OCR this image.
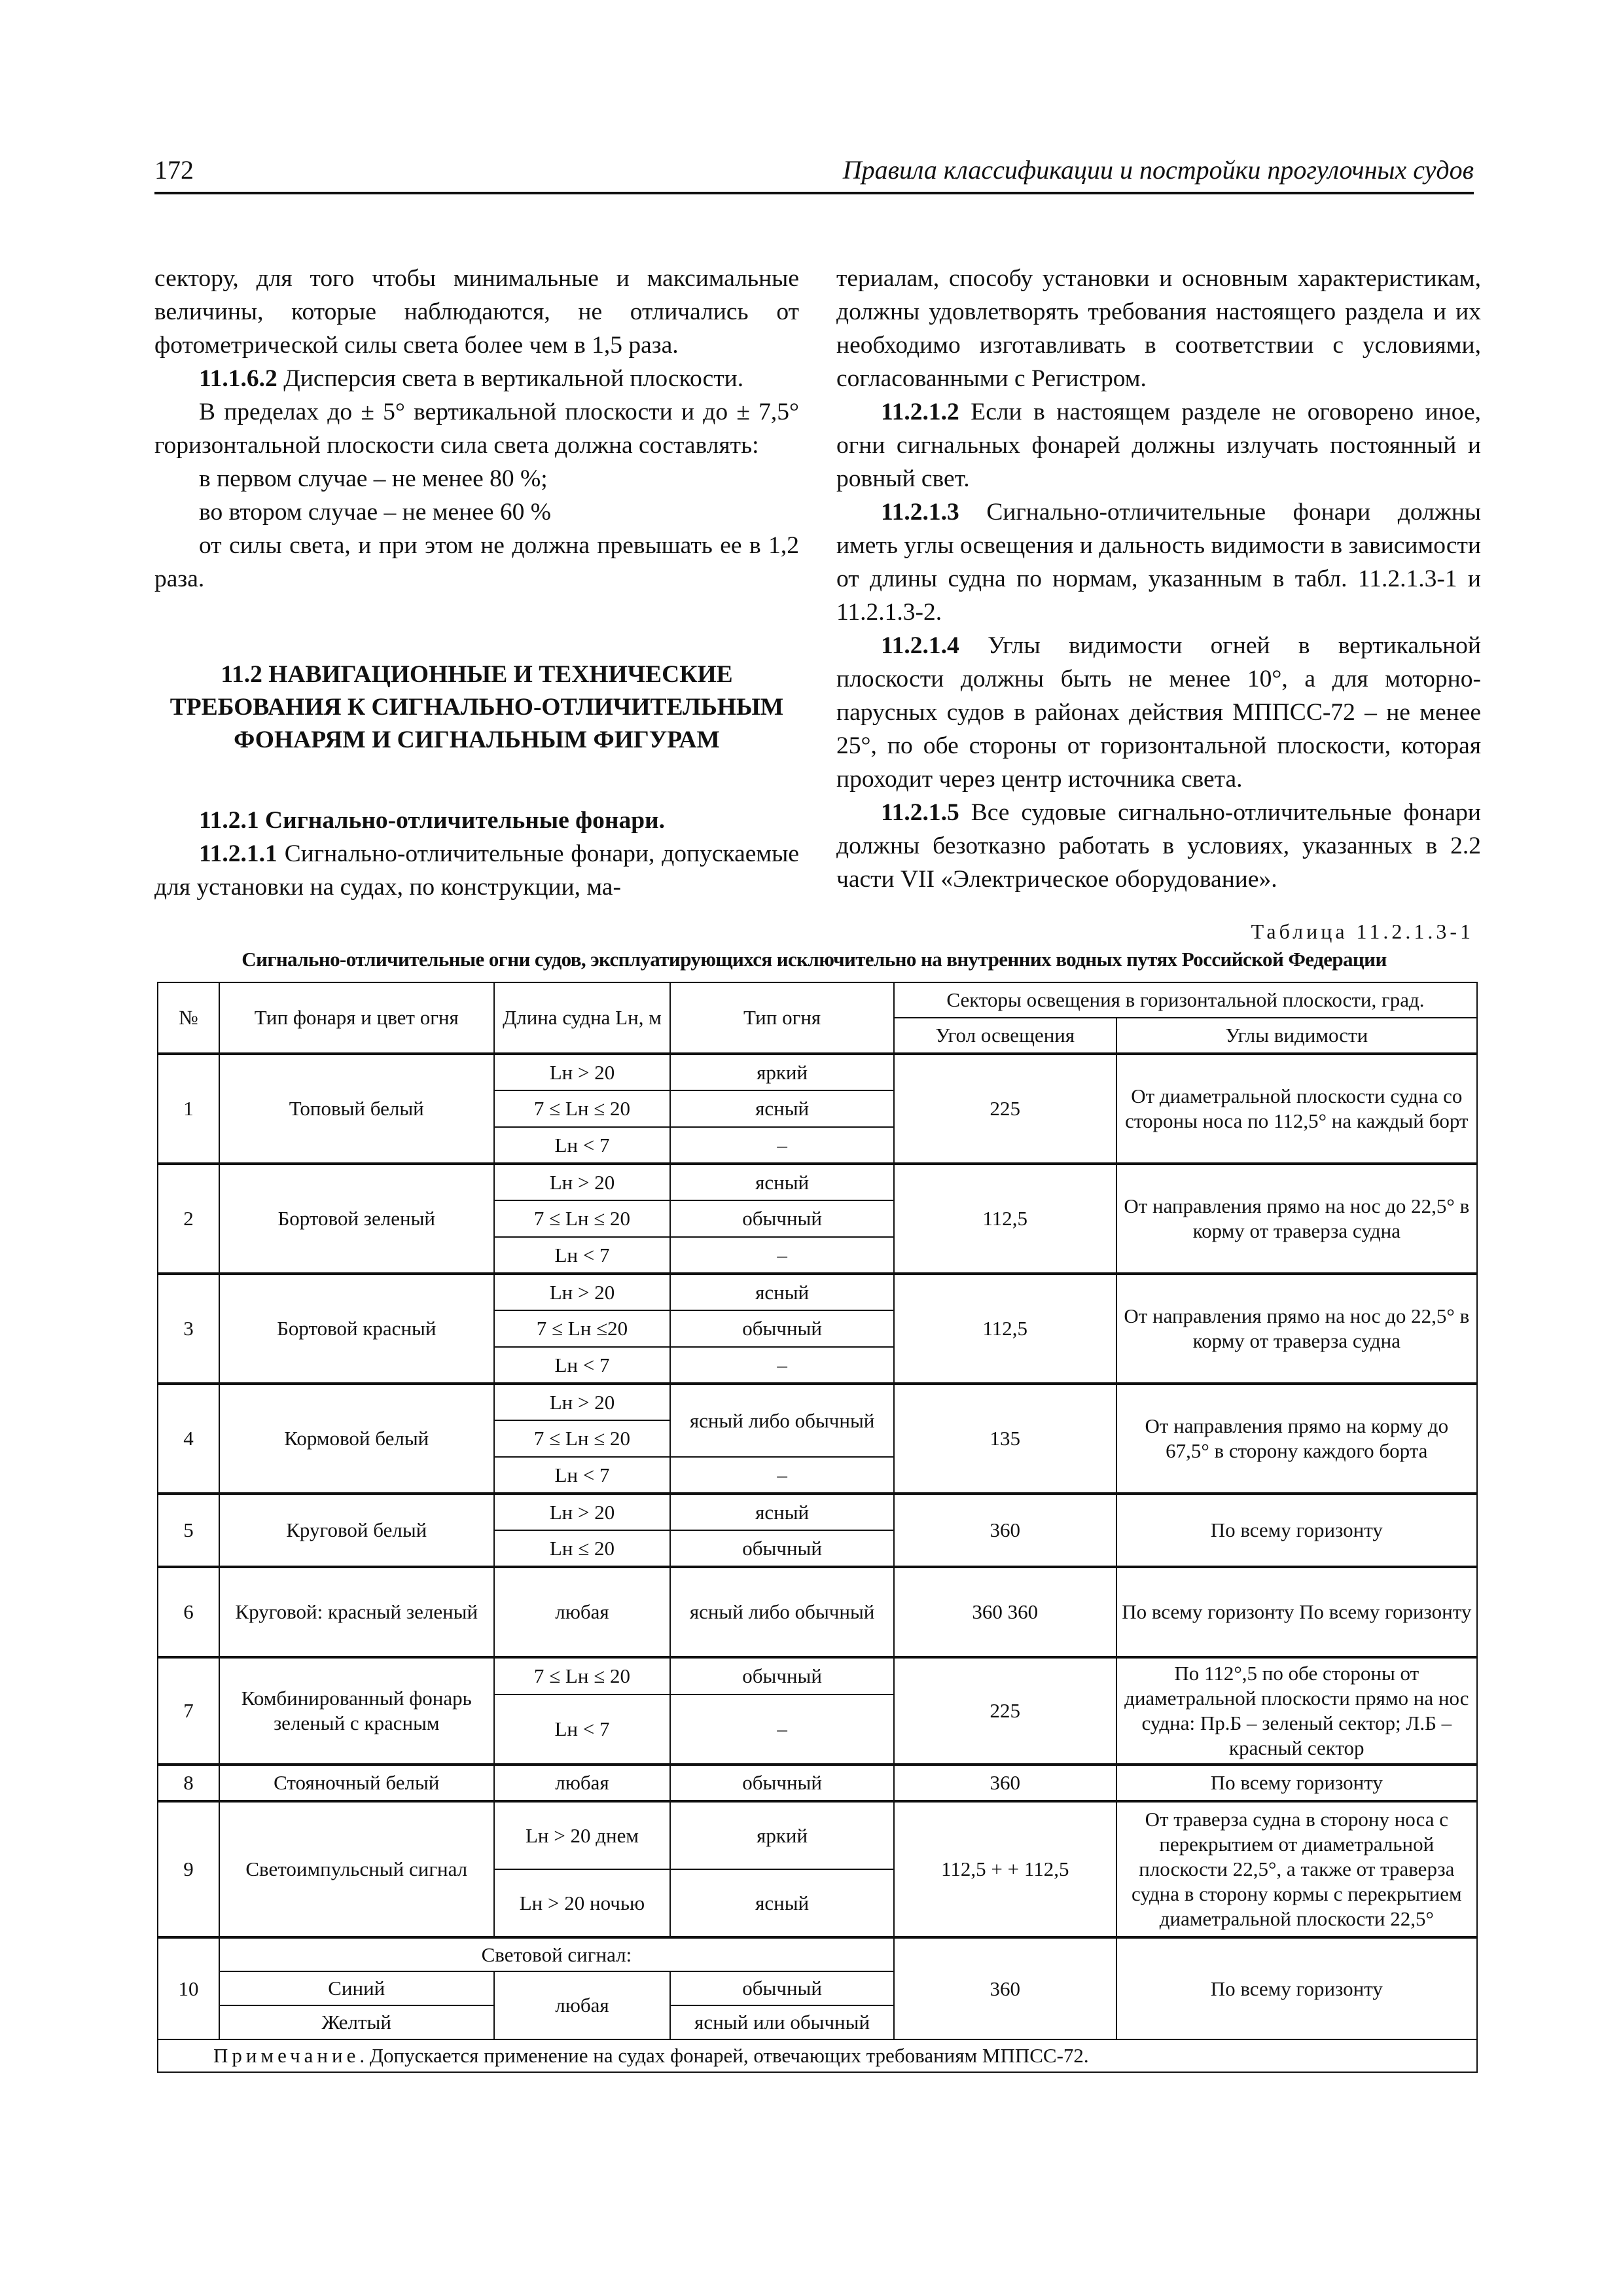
172	Правила классификации и постройки прогулочных судов

сектору, для того чтобы минимальные и максимальные величины, которые наблюдаются, не отличались от фотометрической силы света более чем в 1,5 раза.

11.1.6.2 Дисперсия света в вертикальной плоскости.

В пределах до ± 5° вертикальной плоскости и до ± 7,5° горизонтальной плоскости сила света должна составлять:

в первом случае – не менее 80 %;

во втором случае – не менее 60 %

от силы света, и при этом не должна превышать ее в 1,2 раза.

11.2 НАВИГАЦИОННЫЕ И ТЕХНИЧЕСКИЕ ТРЕБОВАНИЯ К СИГНАЛЬНО-ОТЛИЧИТЕЛЬНЫМ ФОНАРЯМ И СИГНАЛЬНЫМ ФИГУРАМ

11.2.1 Сигнально-отличительные фонари.

11.2.1.1 Сигнально-отличительные фонари, допускаемые для установки на судах, по конструкции, ма-

териалам, способу установки и основным характеристикам, должны удовлетворять требования настоящего раздела и их необходимо изготавливать в соответствии с условиями, согласованными с Регистром.

11.2.1.2 Если в настоящем разделе не оговорено иное, огни сигнальных фонарей должны излучать постоянный и ровный свет.

11.2.1.3 Сигнально-отличительные фонари должны иметь углы освещения и дальность видимости в зависимости от длины судна по нормам, указанным в табл. 11.2.1.3-1 и 11.2.1.3-2.

11.2.1.4 Углы видимости огней в вертикальной плоскости должны быть не менее 10°, а для моторно-парусных судов в районах действия МППСС-72 – не менее 25°, по обе стороны от горизонтальной плоскости, которая проходит через центр источника света.

11.2.1.5 Все судовые сигнально-отличительные фонари должны безотказно работать в условиях, указанных в 2.2 части VII «Электрическое оборудование».

Таблица 11.2.1.3-1
Сигнально-отличительные огни судов, эксплуатирующихся исключительно на внутренних водных путях Российской Федерации
№	Тип фонаря и цвет огня	Длина судна Lн, м	Тип огня	Секторы освещения в горизонтальной плоскости, град.	
				Угол освещения	Углы видимости
1	Топовый белый	Lн > 20	яркий	225	От диаметральной плоскости судна со стороны носа по 112,5° на каждый борт
		7 ≤ Lн ≤ 20	ясный		
		Lн < 7	–		
2	Бортовой зеленый	Lн > 20	ясный	112,5	От направления прямо на нос до 22,5° в корму от траверза судна
		7 ≤ Lн ≤ 20	обычный		
		Lн < 7	–		
3	Бортовой красный	Lн > 20	ясный	112,5	От направления прямо на нос до 22,5° в корму от траверза судна
		7 ≤ Lн ≤20	обычный		
		Lн < 7	–		
4	Кормовой белый	Lн > 20	ясный либо обычный	135	От направления прямо на корму до 67,5° в сторону каждого борта
		7 ≤ Lн ≤ 20			
		Lн < 7	–		
5	Круговой белый	Lн > 20	ясный	360	По всему горизонту
		Lн ≤ 20	обычный		
6	Круговой: красный зеленый	любая	ясный либо обычный	360 360	По всему горизонту По всему горизонту
7	Комбинированный фонарь зеленый с красным	7 ≤ Lн ≤ 20	обычный	225	По 112°,5 по обе стороны от диаметральной плоскости прямо на нос судна: Пр.Б – зеленый сектор; Л.Б – красный сектор
		Lн < 7	–		
8	Стояночный белый	любая	обычный	360	По всему горизонту
9	Светоимпульсный сигнал	Lн > 20 днем	яркий	112,5 + + 112,5	От траверза судна в сторону носа с перекрытием от диаметральной плоскости 22,5°, а также от траверза судна в сторону кормы с перекрытием диаметральной плоскости 22,5°
		Lн > 20 ночью	ясный		
10	Световой сигнал:			360	По всему горизонту
	Синий	любая	обычный		
	Желтый		ясный или обычный		
Примечание. Допускается применение на судах фонарей, отвечающих требованиям МППСС-72.					
